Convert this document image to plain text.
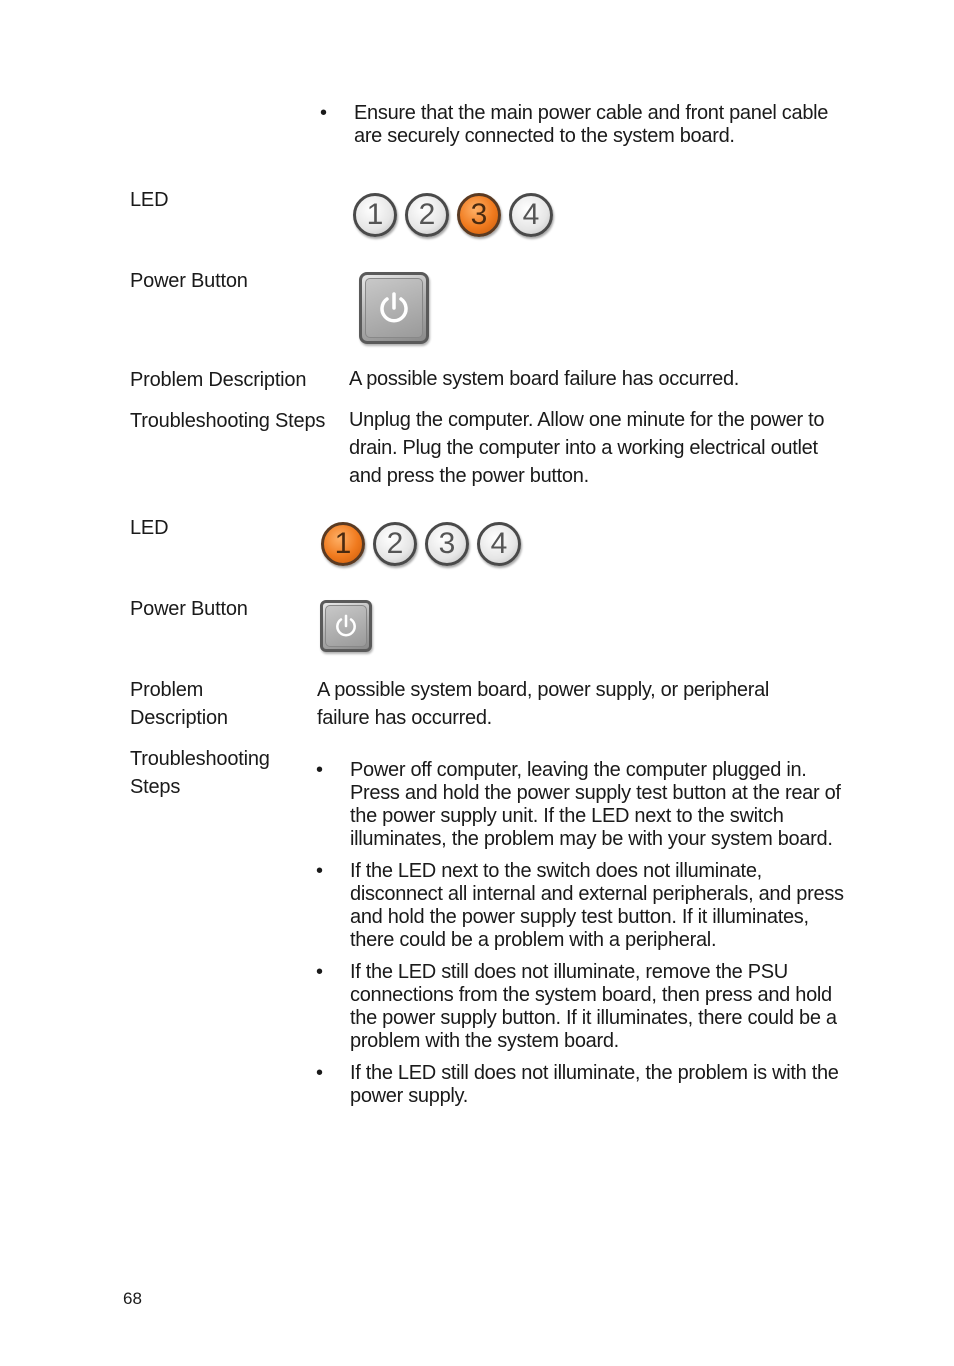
• Ensure that the main power cable and front panel cable are securely connected to the system board.
LED	1 2 3 4
Power Button
Problem Description A possible system board failure has occurred.
Troubleshooting Steps Unplug the computer. Allow one minute for the power to drain. Plug the computer into a working electrical outlet and press the power button.
LED	1 2 3 4
Power Button
Problem
Description
A possible system board, power supply, or peripheral failure has occurred.
Troubleshooting
Steps
• Power off computer, leaving the computer plugged in. Press and hold the power supply test button at the rear of the power supply unit. If the LED next to the switch illuminates, the problem may be with your system board.
• If the LED next to the switch does not illuminate, disconnect all internal and external peripherals, and press and hold the power supply test button. If it illuminates, there could be a problem with a peripheral.
• If the LED still does not illuminate, remove the PSU connections from the system board, then press and hold the power supply button. If it illuminates, there could be a problem with the system board.
• If the LED still does not illuminate, the problem is with the power supply.
68
